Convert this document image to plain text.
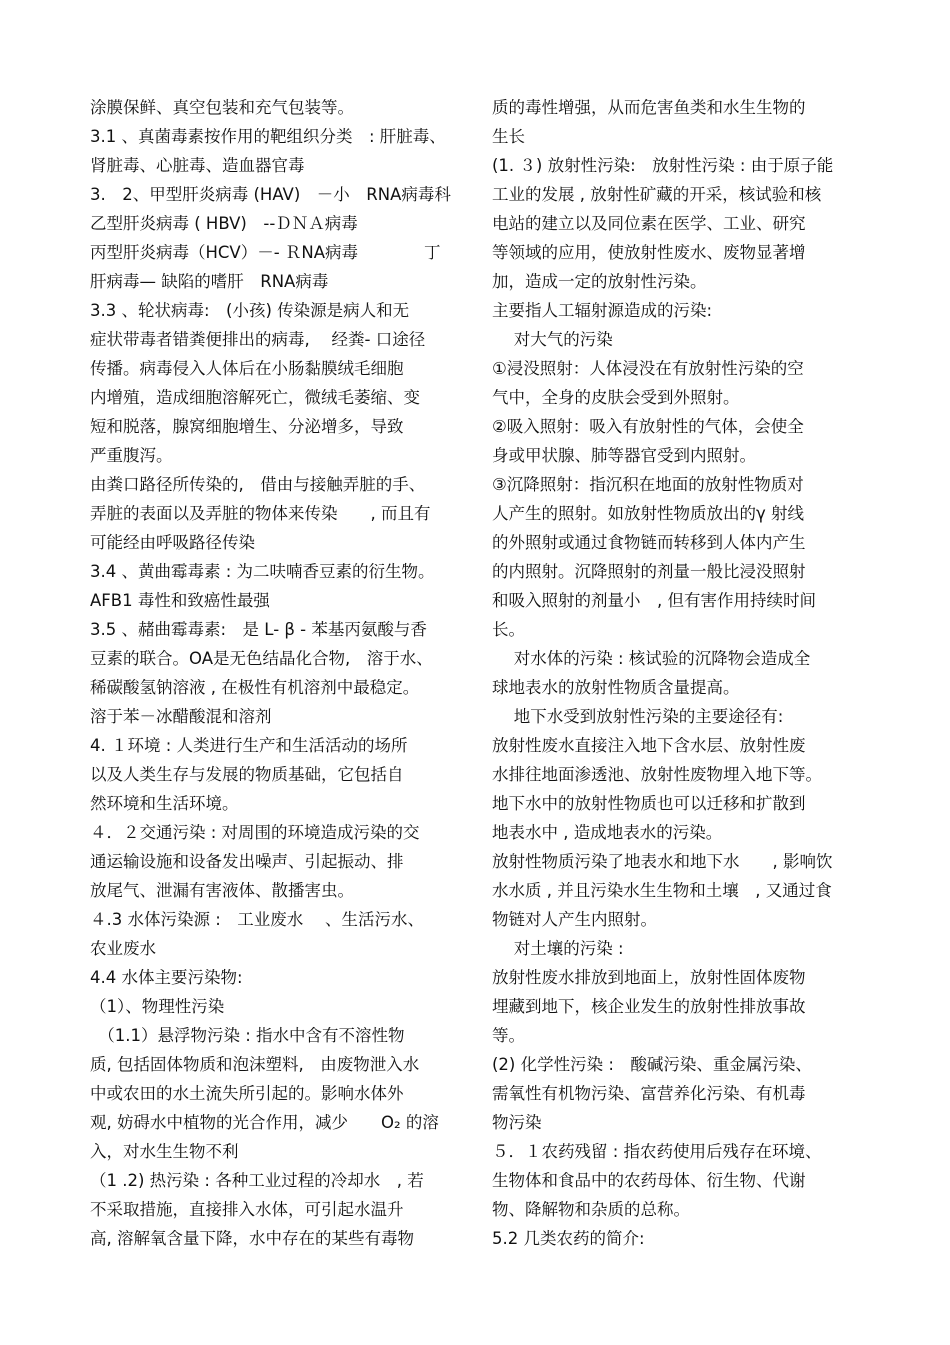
涂膜保鲜、真空包装和充气包装等。
3.1 、真菌毒素按作用的靶组织分类　: 肝脏毒、
肾脏毒、心脏毒、造血器官毒
3.　2、甲型肝炎病毒 (HAV)　－小　RNA病毒科
乙型肝炎病毒 ( HBV)　--ＤＮＡ病毒
丙型肝炎病毒（HCV）－- ＲNA病毒　　　　丁
肝病毒— 缺陷的嗜肝　RNA病毒
3.3 、轮状病毒:　(小孩) 传染源是病人和无
症状带毒者错粪便排出的病毒,　 经粪- 口途径
传播。病毒侵入人体后在小肠黏膜绒毛细胞
内增殖，造成细胞溶解死亡，微绒毛萎缩、变
短和脱落，腺窝细胞增生、分泌增多，导致
严重腹泻。
由粪口路径所传染的,　借由与接触弄脏的手、
弄脏的表面以及弄脏的物体来传染　　, 而且有
可能经由呼吸路径传染
3.4 、黄曲霉毒素 : 为二呋喃香豆素的衍生物。
AFB1 毒性和致癌性最强
3.5 、赭曲霉毒素:　是 L- β - 苯基丙氨酸与香
豆素的联合。OA是无色结晶化合物,　溶于水、
稀碳酸氢钠溶液 , 在极性有机溶剂中最稳定。
溶于苯－冰醋酸混和溶剂
4. １环境 : 人类进行生产和生活活动的场所
以及人类生存与发展的物质基础，它包括自
然环境和生活环境。
４．２交通污染 : 对周围的环境造成污染的交
通运输设施和设备发出噪声、引起振动、排
放尾气、泄漏有害液体、散播害虫。
４.3 水体污染源 :　工业废水　 、生活污水、
农业废水
4.4 水体主要污染物:
（1）、物理性污染
　（1.1）悬浮物污染 : 指水中含有不溶性物
质, 包括固体物质和泡沫塑料,　由废物泄入水
中或农田的水土流失所引起的。影响水体外
观, 妨碍水中植物的光合作用，减少　　O₂ 的溶
入，对水生生物不利
（1 .2) 热污染 : 各种工业过程的冷却水　, 若
不采取措施，直接排入水体，可引起水温升
高, 溶解氧含量下降，水中存在的某些有毒物
质的毒性增强，从而危害鱼类和水生生物的
生长
(1. ３) 放射性污染:　放射性污染 : 由于原子能
工业的发展 , 放射性矿藏的开采，核试验和核
电站的建立以及同位素在医学、工业、研究
等领域的应用，使放射性废水、废物显著增
加，造成一定的放射性污染。
主要指人工辐射源造成的污染:
　 对大气的污染
①浸没照射：人体浸没在有放射性污染的空
气中，全身的皮肤会受到外照射。
②吸入照射：吸入有放射性的气体，会使全
身或甲状腺、肺等器官受到内照射。
③沉降照射：指沉积在地面的放射性物质对
人产生的照射。如放射性物质放出的γ 射线
的外照射或通过食物链而转移到人体内产生
的内照射。沉降照射的剂量一般比浸没照射
和吸入照射的剂量小　, 但有害作用持续时间
长。
　 对水体的污染 : 核试验的沉降物会造成全
球地表水的放射性物质含量提高。
　 地下水受到放射性污染的主要途径有:
放射性废水直接注入地下含水层、放射性废
水排往地面渗透池、放射性废物埋入地下等。
地下水中的放射性物质也可以迁移和扩散到
地表水中 , 造成地表水的污染。
放射性物质污染了地表水和地下水　　, 影响饮
水水质 , 并且污染水生生物和土壤　, 又通过食
物链对人产生内照射。
　 对土壤的污染 :
放射性废水排放到地面上，放射性固体废物
埋藏到地下，核企业发生的放射性排放事故
等。
(2) 化学性污染 :　酸碱污染、重金属污染、
需氧性有机物污染、富营养化污染、有机毒
物污染
５．１农药残留 : 指农药使用后残存在环境、
生物体和食品中的农药母体、衍生物、代谢
物、降解物和杂质的总称。
5.2 几类农药的简介:
